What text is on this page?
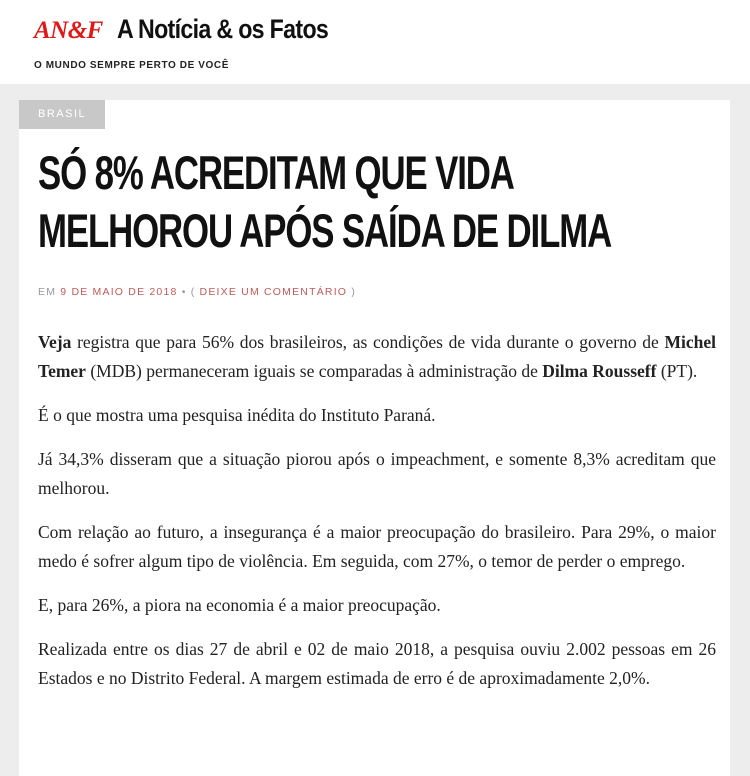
AN&F A Notícia & os Fatos
O MUNDO SEMPRE PERTO DE VOCÊ
BRASIL
SÓ 8% ACREDITAM QUE VIDA MELHOROU APÓS SAÍDA DE DILMA
EM 9 DE MAIO DE 2018 • ( DEIXE UM COMENTÁRIO )

Veja registra que para 56% dos brasileiros, as condições de vida durante o governo de Michel Temer (MDB) permaneceram iguais se comparadas à administração de Dilma Rousseff (PT).

É o que mostra uma pesquisa inédita do Instituto Paraná.

Já 34,3% disseram que a situação piorou após o impeachment, e somente 8,3% acreditam que melhorou.

Com relação ao futuro, a insegurança é a maior preocupação do brasileiro. Para 29%, o maior medo é sofrer algum tipo de violência. Em seguida, com 27%, o temor de perder o emprego.

E, para 26%, a piora na economia é a maior preocupação.

Realizada entre os dias 27 de abril e 02 de maio 2018, a pesquisa ouviu 2.002 pessoas em 26 Estados e no Distrito Federal. A margem estimada de erro é de aproximadamente 2,0%.
